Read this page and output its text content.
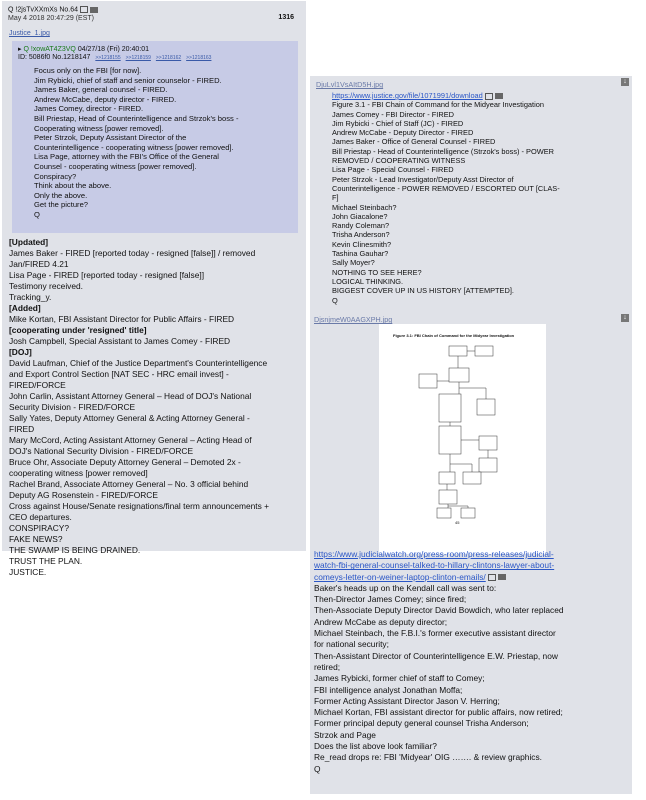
Q !2jsTvXXmXs No.64
May 4 2018 20:47:29 (EST)	1316
Justice_1.jpg
▸ Q !xowAT4Z3VQ 04/27/18 (Fri) 20:40:01
ID: 5086f0 No.1218147 >>1218155 >>1218159 >>1218162 >>1218163
Focus only on the FBI [for now].
Jim Rybicki, chief of staff and senior counselor - FIRED.
James Baker, general counsel - FIRED.
Andrew McCabe, deputy director - FIRED.
James Comey, director - FIRED.
Bill Priestap, Head of Counterintelligence and Strzok's boss -
Cooperating witness [power removed].
Peter Strzok, Deputy Assistant Director of the
Counterintelligence - cooperating witness [power removed].
Lisa Page, attorney with the FBI's Office of the General
Counsel - cooperating witness [power removed].
Conspiracy?
Think about the above.
Only the above.
Get the picture?
Q
[Updated]
James Baker - FIRED [reported today - resigned [false]] / removed
Jan/FIRED 4.21
Lisa Page - FIRED [reported today - resigned [false]]
Testimony received.
Tracking_y.
[Added]
Mike Kortan, FBI Assistant Director for Public Affairs - FIRED
[cooperating under 'resigned' title]
Josh Campbell, Special Assistant to James Comey - FIRED
[DOJ]
David Laufman, Chief of the Justice Department's Counterintelligence
and Export Control Section [NAT SEC - HRC email invest] -
FIRED/FORCE
John Carlin, Assistant Attorney General – Head of DOJ's National
Security Division - FIRED/FORCE
Sally Yates, Deputy Attorney General & Acting Attorney General -
FIRED
Mary McCord, Acting Assistant Attorney General – Acting Head of
DOJ's National Security Division - FIRED/FORCE
Bruce Ohr, Associate Deputy Attorney General – Demoted 2x -
cooperating witness [power removed]
Rachel Brand, Associate Attorney General – No. 3 official behind
Deputy AG Rosenstein - FIRED/FORCE
Cross against House/Senate resignations/final term announcements +
CEO departures.
CONSPIRACY?
FAKE NEWS?
THE SWAMP IS BEING DRAINED.
TRUST THE PLAN.
JUSTICE.
DjuLvl1VsAItD5H.jpg	↓
https://www.justice.gov/file/1071991/download
Figure 3.1 - FBI Chain of Command for the Midyear Investigation
James Comey - FBI Director - FIRED
Jim Rybicki - Chief of Staff (JC) - FIRED
Andrew McCabe - Deputy Director - FIRED
James Baker - Office of General Counsel - FIRED
Bill Priestap - Head of Counterintelligence (Strzok's boss) - POWER
REMOVED / COOPERATING WITNESS
Lisa Page - Special Counsel - FIRED
Peter Strzok - Lead Investigator/Deputy Asst Director of
Counterintelligence - POWER REMOVED / ESCORTED OUT [CLAS-
F]
Michael Steinbach?
John Giacalone?
Randy Coleman?
Trisha Anderson?
Kevin Clinesmith?
Tashina Gauhar?
Sally Moyer?
NOTHING TO SEE HERE?
LOGICAL THINKING.
BIGGEST COVER UP IN US HISTORY [ATTEMPTED].
Q
DjsnjmeW0AAGXPH.jpg	↓
Figure 3.1: FBI Chain of Command for the Midyear Investigation
45
https://www.judicialwatch.org/press-room/press-releases/judicial-
watch-fbi-general-counsel-talked-to-hillary-clintons-lawyer-about-
comeys-letter-on-weiner-laptop-clinton-emails/
Baker's heads up on the Kendall call was sent to:
Then-Director James Comey; since fired;
Then-Associate Deputy Director David Bowdich, who later replaced
Andrew McCabe as deputy director;
Michael Steinbach, the F.B.I.'s former executive assistant director
for national security;
Then-Assistant Director of Counterintelligence E.W. Priestap, now
retired;
James Rybicki, former chief of staff to Comey;
FBI intelligence analyst Jonathan Moffa;
Former Acting Assistant Director Jason V. Herring;
Michael Kortan, FBI assistant director for public affairs, now retired;
Former principal deputy general counsel Trisha Anderson;
Strzok and Page
Does the list above look familiar?
Re_read drops re: FBI 'Midyear' OIG ……. & review graphics.
Q
